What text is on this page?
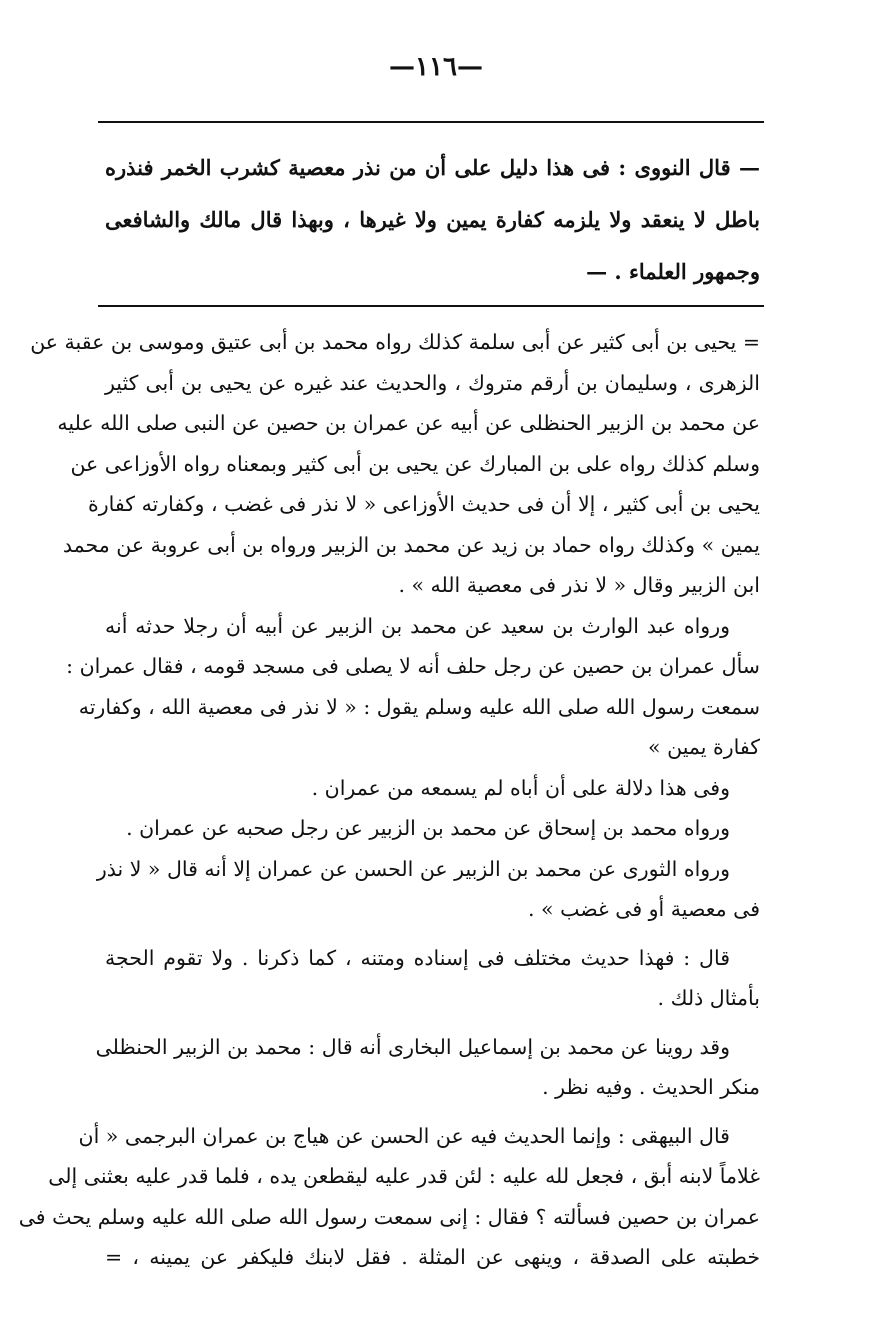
—١١٦—
— قال النووى : فى هذا دليل على أن من نذر معصية كشرب الخمر فنذره
باطل لا ينعقد ولا يلزمه كفارة يمين ولا غيرها ، وبهذا قال مالك والشافعى
وجمهور العلماء . —
= يحيى بن أبى كثير عن أبى سلمة كذلك رواه محمد بن أبى عتيق وموسى بن عقبة عن
الزهرى ، وسليمان بن أرقم متروك ، والحديث عند غيره عن يحيى بن أبى كثير
عن محمد بن الزبير الحنظلى عن أبيه عن عمران بن حصين عن النبى صلى الله عليه
وسلم كذلك رواه على بن المبارك عن يحيى بن أبى كثير وبمعناه رواه الأوزاعى عن
يحيى بن أبى كثير ، إلا أن فى حديث الأوزاعى « لا نذر فى غضب ، وكفارته كفارة
يمين » وكذلك رواه حماد بن زيد عن محمد بن الزبير ورواه بن أبى عروبة عن محمد
ابن الزبير وقال « لا نذر فى معصية الله » .
ورواه عبد الوارث بن سعيد عن محمد بن الزبير عن أبيه أن رجلا حدثه أنه
سأل عمران بن حصين عن رجل حلف أنه لا يصلى فى مسجد قومه ، فقال عمران :
سمعت رسول الله صلى الله عليه وسلم يقول : « لا نذر فى معصية الله ، وكفارته
كفارة يمين »
وفى هذا دلالة على أن أباه لم يسمعه من عمران .
ورواه محمد بن إسحاق عن محمد بن الزبير عن رجل صحبه عن عمران .
ورواه الثورى عن محمد بن الزبير عن الحسن عن عمران إلا أنه قال « لا نذر
فى معصية أو فى غضب » .
قال : فهذا حديث مختلف فى إسناده ومتنه ، كما ذكرنا . ولا تقوم الحجة
بأمثال ذلك .
وقد روينا عن محمد بن إسماعيل البخارى أنه قال : محمد بن الزبير الحنظلى
منكر الحديث . وفيه نظر .
قال البيهقى : وإنما الحديث فيه عن الحسن عن هياج بن عمران البرجمى « أن
غلاماً لابنه أبق ، فجعل لله عليه : لئن قدر عليه ليقطعن يده ، فلما قدر عليه بعثنى إلى
عمران بن حصين فسألته ؟ فقال : إنى سمعت رسول الله صلى الله عليه وسلم يحث فى
خطبته على الصدقة ، وينهى عن المثلة . فقل لابنك فليكفر عن يمينه ، =
